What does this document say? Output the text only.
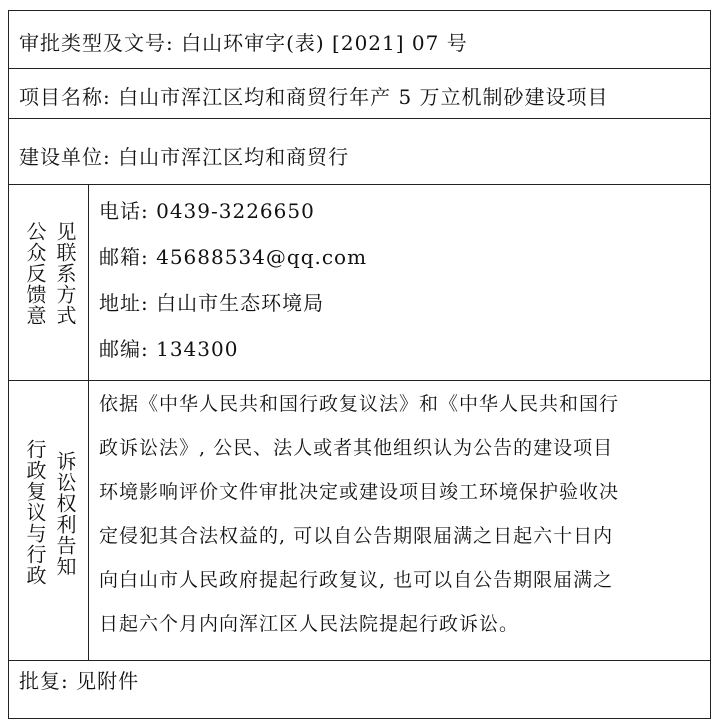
审批类型及文号: 白山环审字(表) [2021] 07 号
项目名称: 白山市浑江区均和商贸行年产 5 万立机制砂建设项目
建设单位: 白山市浑江区均和商贸行
见联系方式
公众反馈意
电话: 0439-3226650
邮箱: 45688534@qq.com
地址: 白山市生态环境局
邮编: 134300
诉讼权利告知
行政复议与行政
依据《中华人民共和国行政复议法》和《中华人民共和国行
政诉讼法》, 公民、法人或者其他组织认为公告的建设项目
环境影响评价文件审批决定或建设项目竣工环境保护验收决
定侵犯其合法权益的, 可以自公告期限届满之日起六十日内
向白山市人民政府提起行政复议, 也可以自公告期限届满之
日起六个月内向浑江区人民法院提起行政诉讼。
批复: 见附件
